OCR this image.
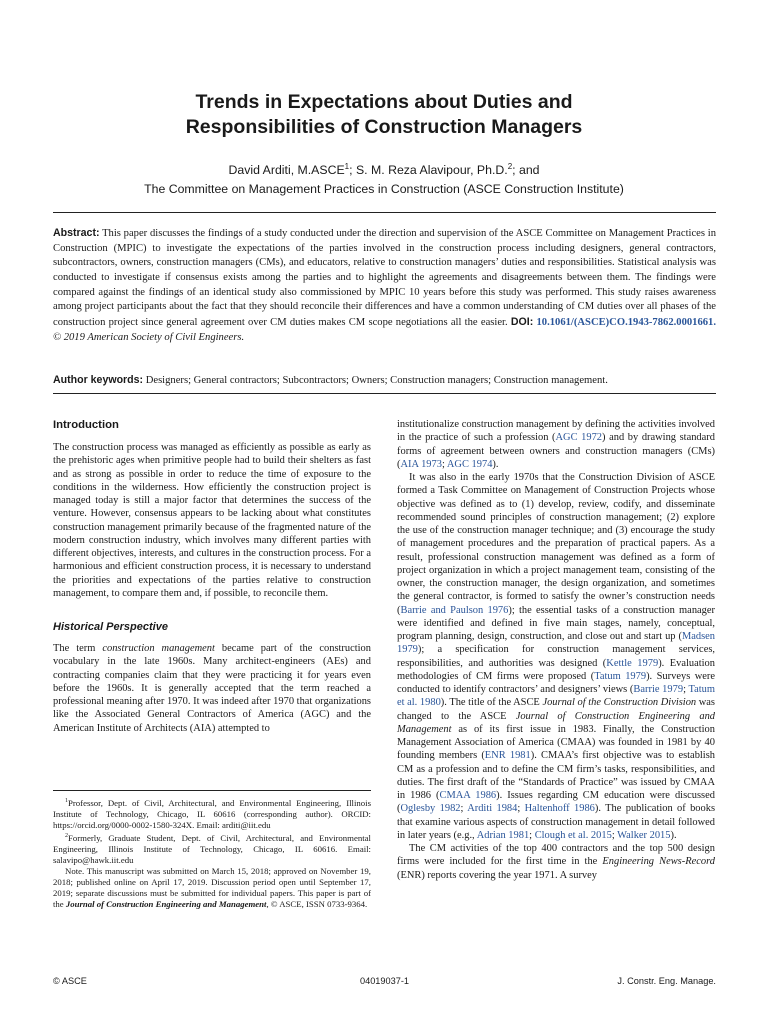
Trends in Expectations about Duties and
Responsibilities of Construction Managers
David Arditi, M.ASCE$^1$; S. M. Reza Alavipour, Ph.D.$^2$; and
The Committee on Management Practices in Construction (ASCE Construction Institute)

Abstract: This paper discusses the findings of a study conducted under the direction and supervision of the ASCE Committee on Management Practices in Construction (MPIC) to investigate the expectations of the parties involved in the construction process including designers, general contractors, subcontractors, owners, construction managers (CMs), and educators, relative to construction managers’ duties and responsibilities. Statistical analysis was conducted to investigate if consensus exists among the parties and to highlight the agreements and disagreements between them. The findings were compared against the findings of an identical study also commissioned by MPIC 10 years before this study was performed. This study raises awareness among project participants about the fact that they should reconcile their differences and have a common understanding of CM duties over all phases of the construction project since general agreement over CM duties makes CM scope negotiations all the easier. DOI: 10.1061/(ASCE)CO.1943-7862.0001661. © 2019 American Society of Civil Engineers.

Author keywords: Designers; General contractors; Subcontractors; Owners; Construction managers; Construction management.

Introduction

The construction process was managed as efficiently as possible as early as the prehistoric ages when primitive people had to build their shelters as fast and as strong as possible in order to reduce the time of exposure to the conditions in the wilderness. How efficiently the construction project is managed today is still a major factor that determines the success of the venture. However, consensus appears to be lacking about what constitutes construction management primarily because of the fragmented nature of the modern construction industry, which involves many different parties with different objectives, interests, and cultures in the construction process. For a harmonious and efficient construction process, it is necessary to understand the priorities and expectations of the parties relative to construction management, to compare them and, if possible, to reconcile them.

Historical Perspective

The term construction management became part of the construction vocabulary in the late 1960s. Many architect-engineers (AEs) and contracting companies claim that they were practicing it for years even before the 1960s. It is generally accepted that the term reached a professional meaning after 1970. It was indeed after 1970 that organizations like the Associated General Contractors of America (AGC) and the American Institute of Architects (AIA) attempted to

institutionalize construction management by defining the activities involved in the practice of such a profession (AGC 1972) and by drawing standard forms of agreement between owners and construction managers (CMs) (AIA 1973; AGC 1974).

It was also in the early 1970s that the Construction Division of ASCE formed a Task Committee on Management of Construction Projects whose objective was defined as to (1) develop, review, codify, and disseminate recommended sound principles of construction management; (2) explore the use of the construction manager technique; and (3) encourage the study of management procedures and the preparation of practical papers. As a result, professional construction management was defined as a form of project organization in which a project management team, consisting of the owner, the construction manager, the design organization, and sometimes the general contractor, is formed to satisfy the owner’s construction needs (Barrie and Paulson 1976); the essential tasks of a construction manager were identified and defined in five main stages, namely, conceptual, program planning, design, construction, and close out and start up (Madsen 1979); a specification for construction management services, responsibilities, and authorities was designed (Kettle 1979). Evaluation methodologies of CM firms were proposed (Tatum 1979). Surveys were conducted to identify contractors’ and designers’ views (Barrie 1979; Tatum et al. 1980). The title of the ASCE Journal of the Construction Division was changed to the ASCE Journal of Construction Engineering and Management as of its first issue in 1983. Finally, the Construction Management Association of America (CMAA) was founded in 1981 by 40 founding members (ENR 1981). CMAA’s first objective was to establish CM as a profession and to define the CM firm’s tasks, responsibilities, and duties. The first draft of the “Standards of Practice” was issued by CMAA in 1986 (CMAA 1986). Issues regarding CM education were discussed (Oglesby 1982; Arditi 1984; Haltenhoff 1986). The publication of books that examine various aspects of construction management in detail followed in later years (e.g., Adrian 1981; Clough et al. 2015; Walker 2015).

The CM activities of the top 400 contractors and the top 500 design firms were included for the first time in the Engineering News-Record (ENR) reports covering the year 1971. A survey

$^1$Professor, Dept. of Civil, Architectural, and Environmental Engineering, Illinois Institute of Technology, Chicago, IL 60616 (corresponding author). ORCID: https://orcid.org/0000-0002-1580-324X. Email: arditi@iit.edu

$^2$Formerly, Graduate Student, Dept. of Civil, Architectural, and Environmental Engineering, Illinois Institute of Technology, Chicago, IL 60616. Email: salavipo@hawk.iit.edu

Note. This manuscript was submitted on March 15, 2018; approved on November 19, 2018; published online on April 17, 2019. Discussion period open until September 17, 2019; separate discussions must be submitted for individual papers. This paper is part of the Journal of Construction Engineering and Management, © ASCE, ISSN 0733-9364.

© ASCE	04019037-1	J. Constr. Eng. Manage.
